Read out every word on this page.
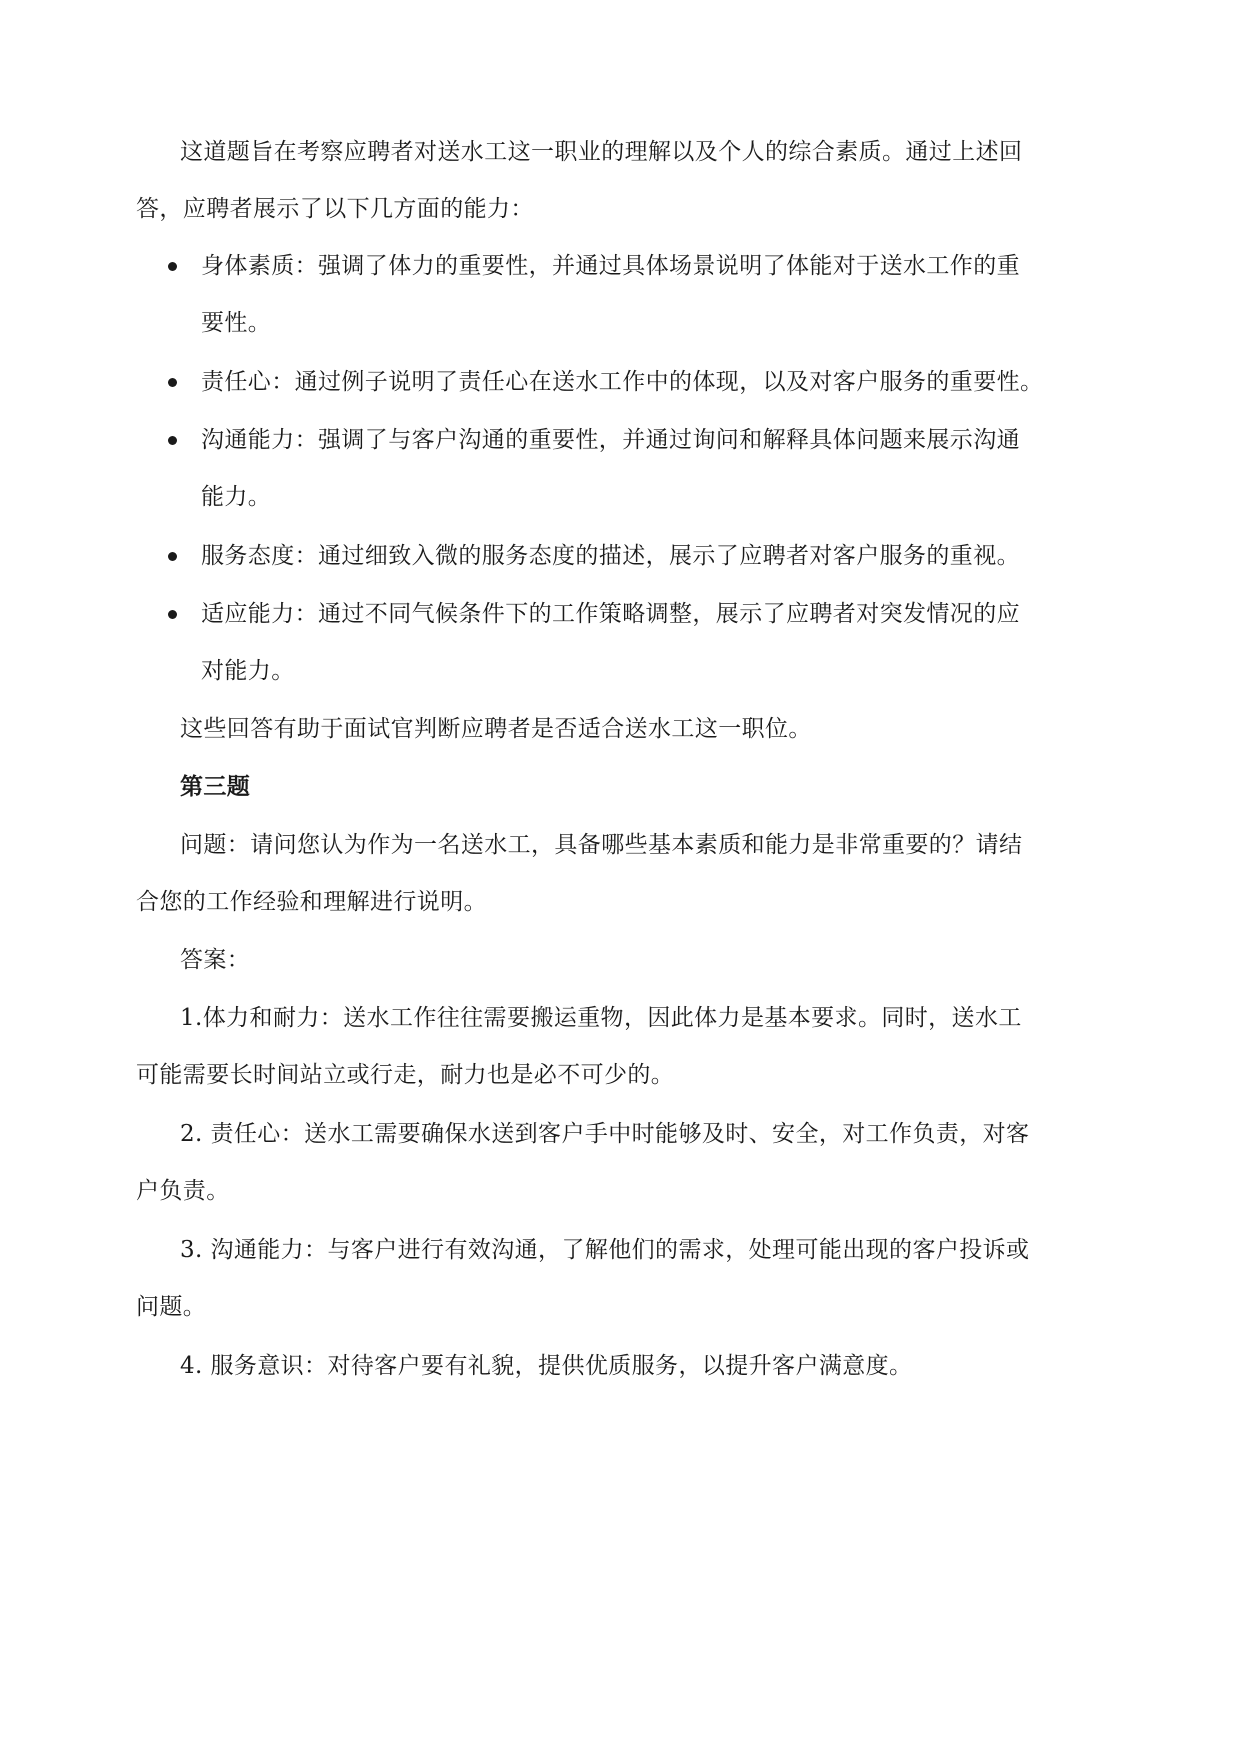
这道题旨在考察应聘者对送水工这一职业的理解以及个人的综合素质。通过上述回
答，应聘者展示了以下几方面的能力：
身体素质：强调了体力的重要性，并通过具体场景说明了体能对于送水工作的重
要性。
责任心：通过例子说明了责任心在送水工作中的体现，以及对客户服务的重要性。
沟通能力：强调了与客户沟通的重要性，并通过询问和解释具体问题来展示沟通
能力。
服务态度：通过细致入微的服务态度的描述，展示了应聘者对客户服务的重视。
适应能力：通过不同气候条件下的工作策略调整，展示了应聘者对突发情况的应
对能力。
这些回答有助于面试官判断应聘者是否适合送水工这一职位。
第三题
问题：请问您认为作为一名送水工，具备哪些基本素质和能力是非常重要的？请结
合您的工作经验和理解进行说明。
答案：
1.体力和耐力：送水工作往往需要搬运重物，因此体力是基本要求。同时，送水工
可能需要长时间站立或行走，耐力也是必不可少的。
2. 责任心：送水工需要确保水送到客户手中时能够及时、安全，对工作负责，对客
户负责。
3. 沟通能力：与客户进行有效沟通，了解他们的需求，处理可能出现的客户投诉或
问题。
4. 服务意识：对待客户要有礼貌，提供优质服务，以提升客户满意度。
